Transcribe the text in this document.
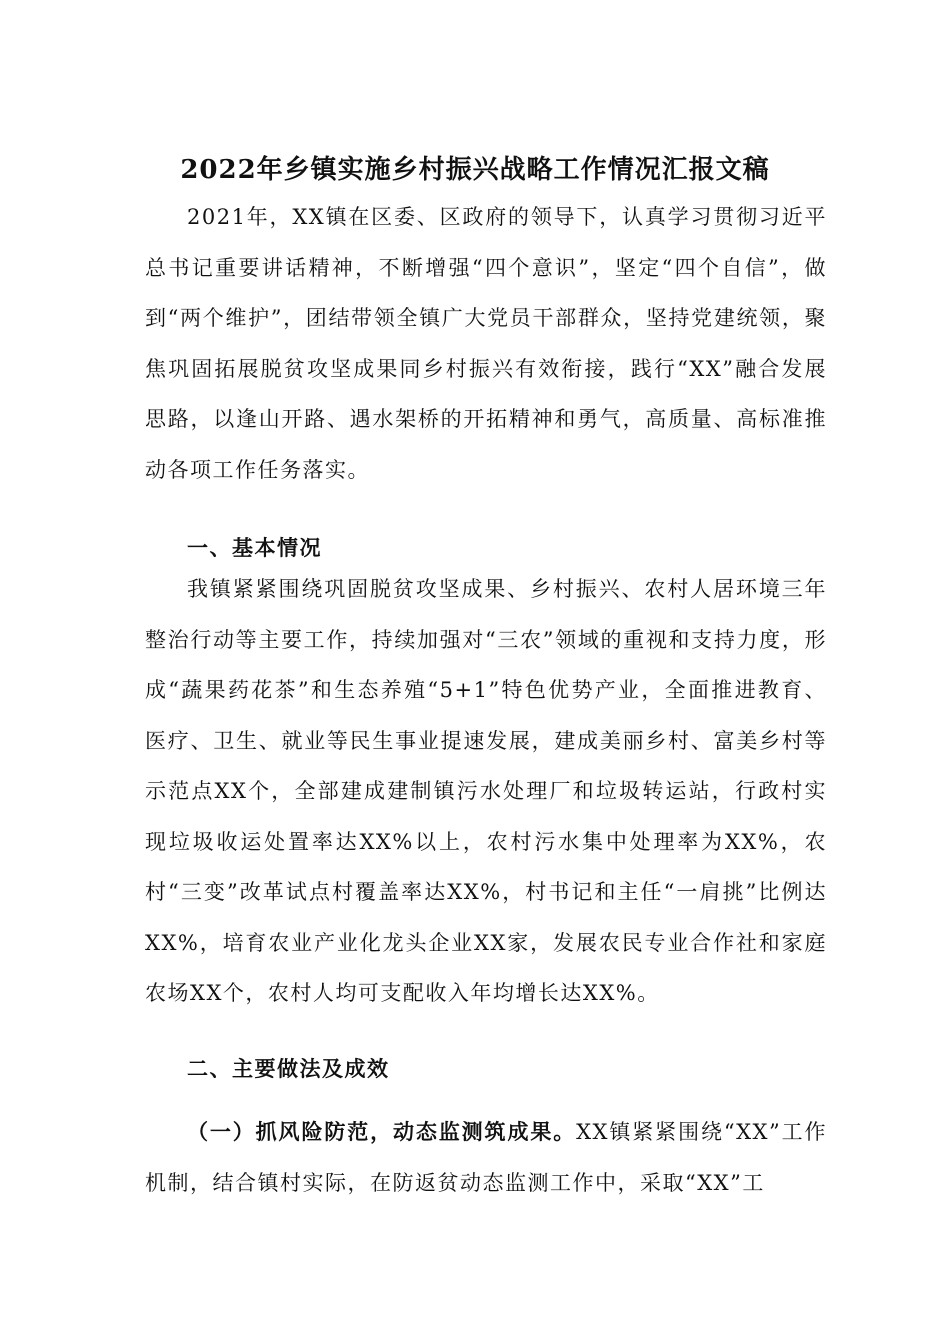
2022年乡镇实施乡村振兴战略工作情况汇报文稿
2021年，XX镇在区委、区政府的领导下，认真学习贯彻习近平总书记重要讲话精神，不断增强“四个意识”，坚定“四个自信”，做到“两个维护”，团结带领全镇广大党员干部群众，坚持党建统领，聚焦巩固拓展脱贫攻坚成果同乡村振兴有效衔接，践行“XX”融合发展思路，以逢山开路、遇水架桥的开拓精神和勇气，高质量、高标准推动各项工作任务落实。
一、基本情况
我镇紧紧围绕巩固脱贫攻坚成果、乡村振兴、农村人居环境三年整治行动等主要工作，持续加强对“三农”领域的重视和支持力度，形成“蔬果药花茶”和生态养殖“5+1”特色优势产业，全面推进教育、医疗、卫生、就业等民生事业提速发展，建成美丽乡村、富美乡村等示范点XX个，全部建成建制镇污水处理厂和垃圾转运站，行政村实现垃圾收运处置率达XX%以上，农村污水集中处理率为XX%，农村“三变”改革试点村覆盖率达XX%，村书记和主任“一肩挑”比例达XX%，培育农业产业化龙头企业XX家，发展农民专业合作社和家庭农场XX个，农村人均可支配收入年均增长达XX%。
二、主要做法及成效
（一）抓风险防范，动态监测筑成果。XX镇紧紧围绕“XX”工作机制，结合镇村实际，在防返贫动态监测工作中，采取“XX”工
